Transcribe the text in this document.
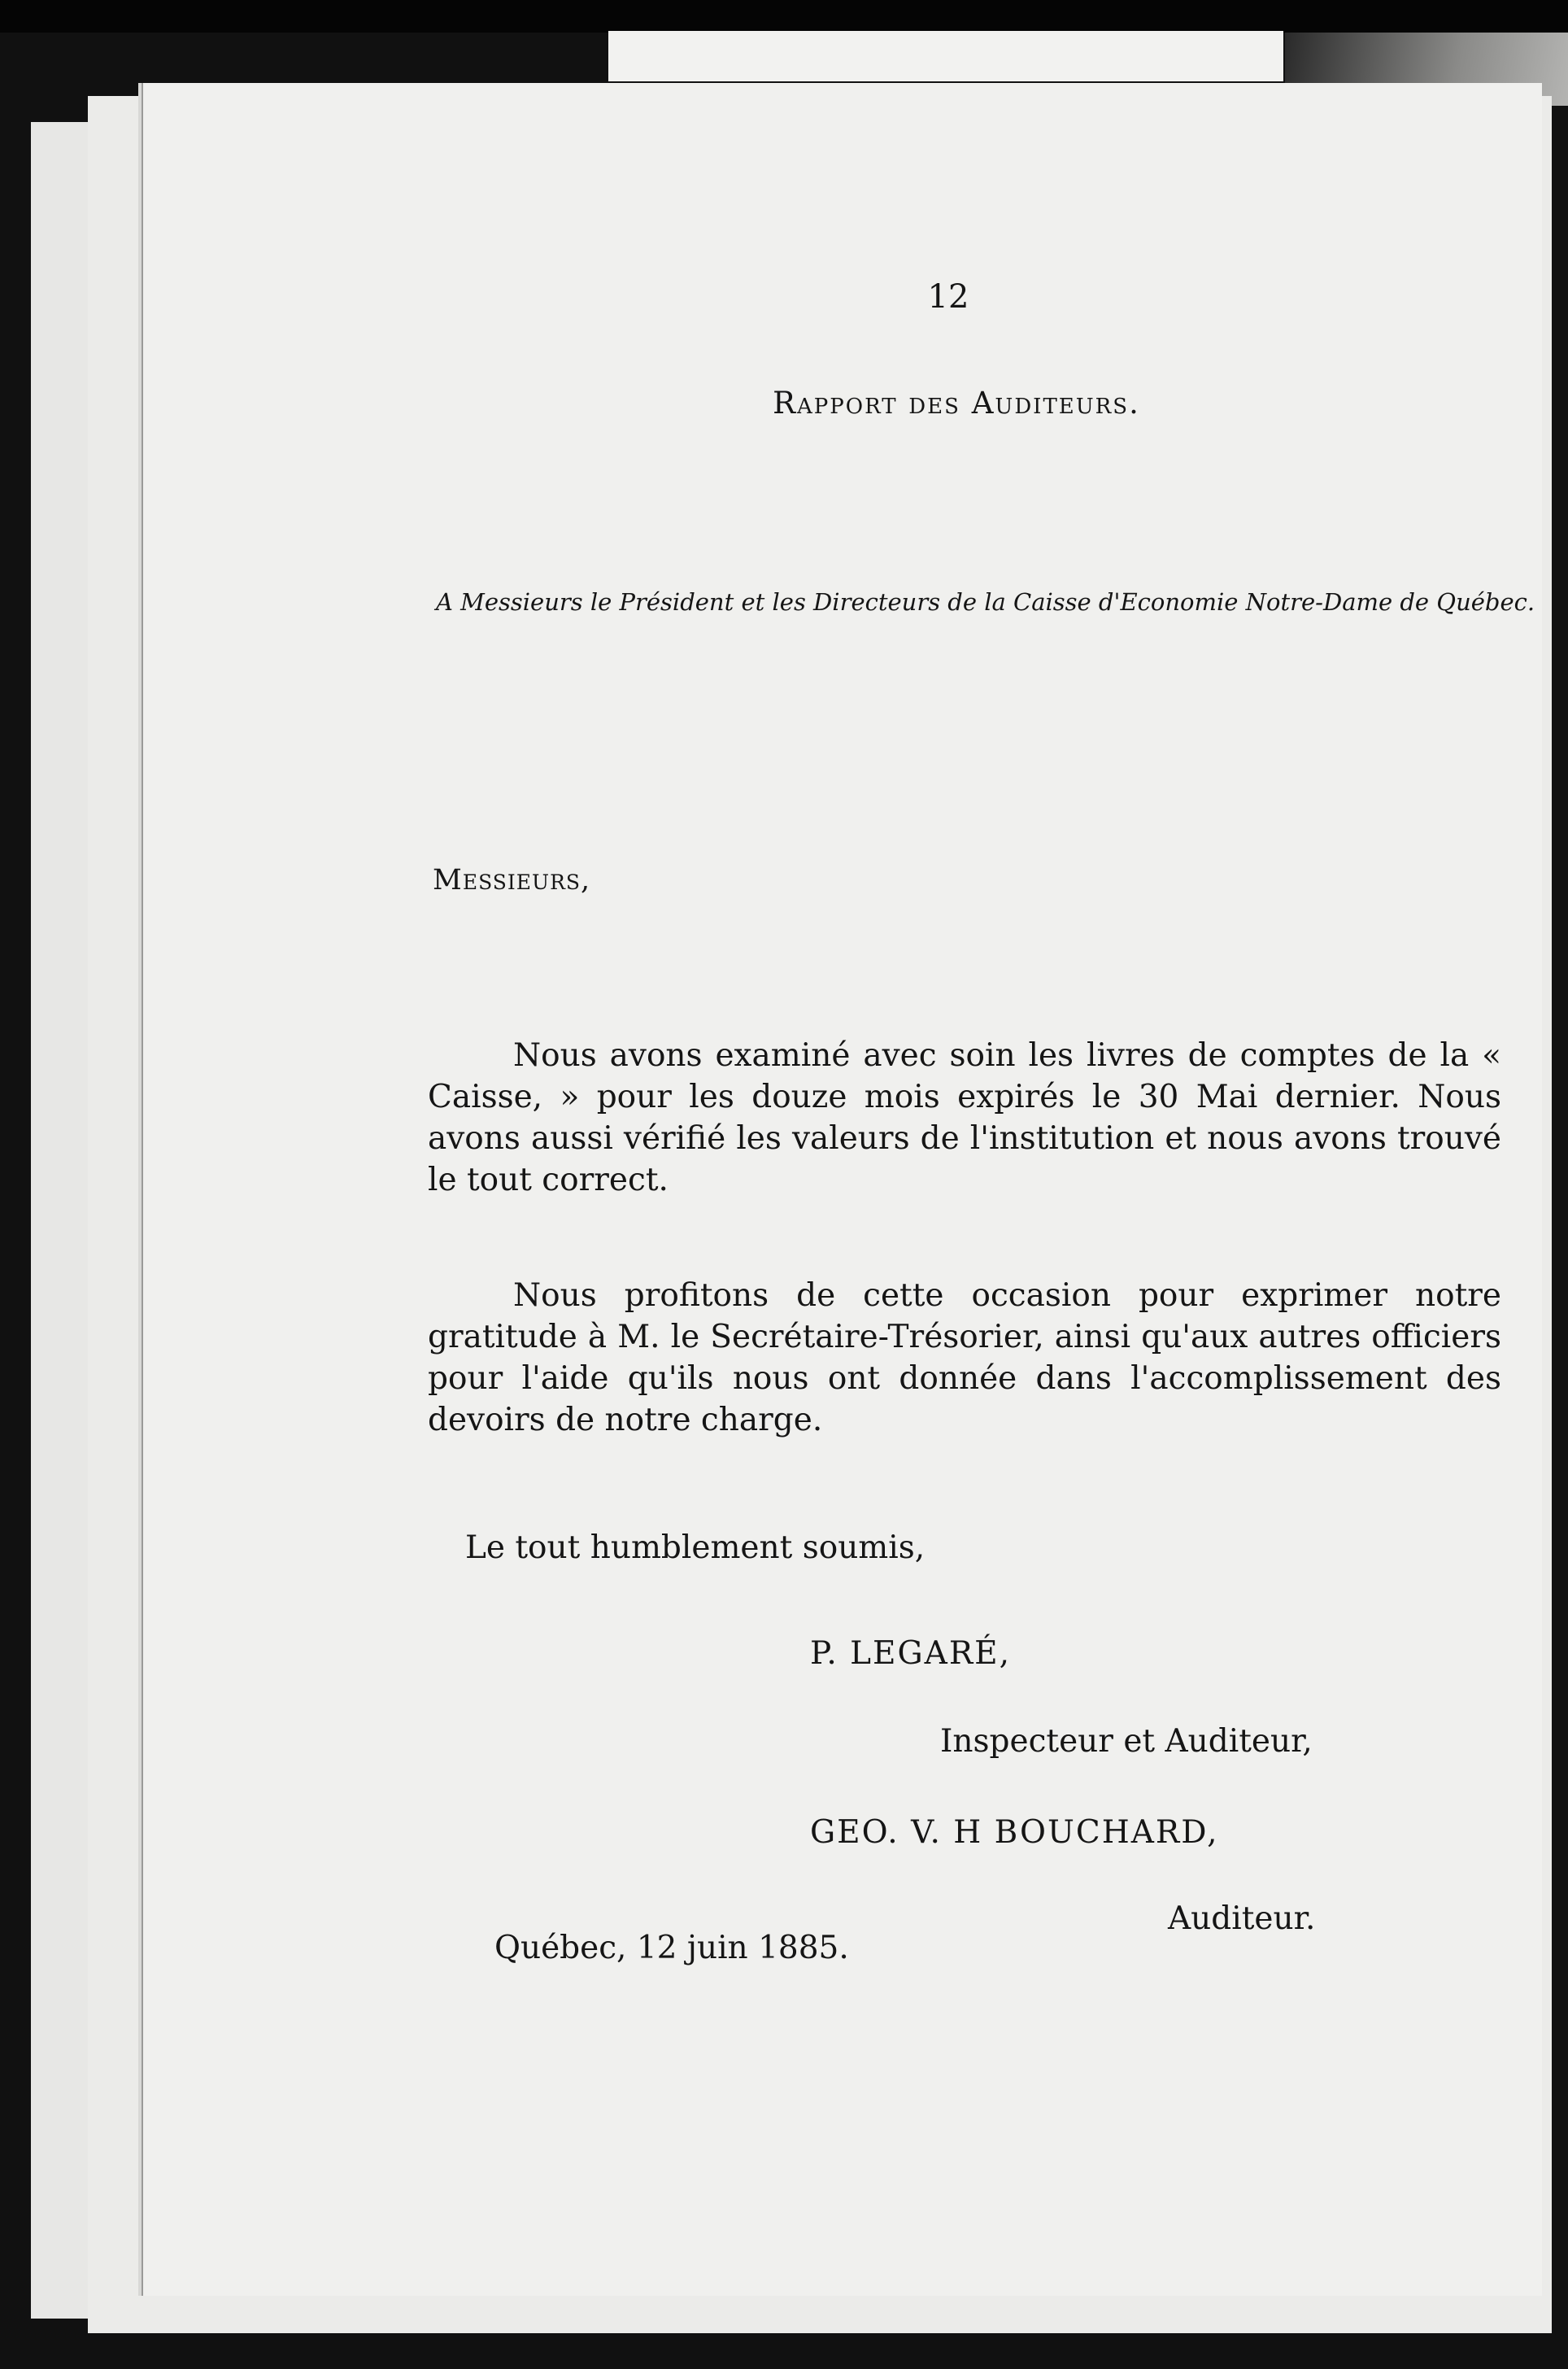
12
Rapport des Auditeurs.
A Messieurs le Président et les Directeurs de la Caisse d'Economie Notre-Dame de Québec.
Messieurs,
Nous avons examiné avec soin les livres de comptes de la « Caisse, » pour les douze mois expirés le 30 Mai dernier. Nous avons aussi vérifié les valeurs de l'institution et nous avons trouvé le tout correct.
Nous profitons de cette occasion pour exprimer notre gratitude à M. le Secrétaire-Trésorier, ainsi qu'aux autres officiers pour l'aide qu'ils nous ont donnée dans l'accomplissement des devoirs de notre charge.
Le tout humblement soumis,
P. LEGARÉ,
Inspecteur et Auditeur,
GEO. V. H BOUCHARD,
Auditeur.
Québec, 12 juin 1885.
